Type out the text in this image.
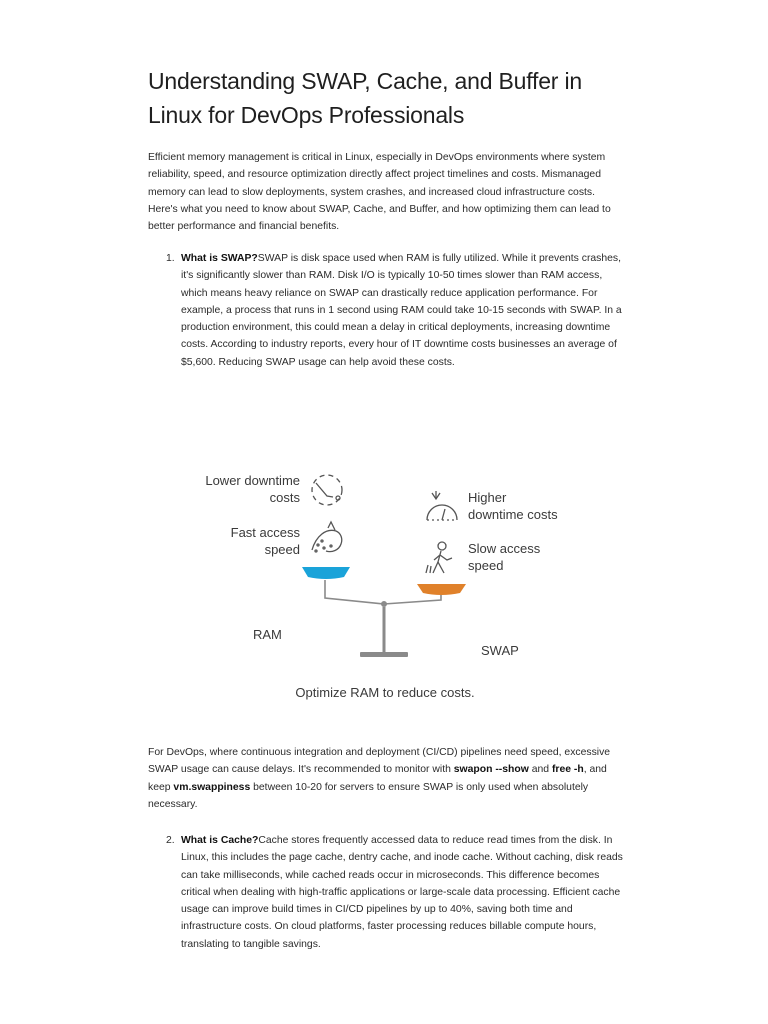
Understanding SWAP, Cache, and Buffer in Linux for DevOps Professionals

Efficient memory management is critical in Linux, especially in DevOps environments where system reliability, speed, and resource optimization directly affect project timelines and costs. Mismanaged memory can lead to slow deployments, system crashes, and increased cloud infrastructure costs. Here's what you need to know about SWAP, Cache, and Buffer, and how optimizing them can lead to better performance and financial benefits.

1. What is SWAP?SWAP is disk space used when RAM is fully utilized. While it prevents crashes, it's significantly slower than RAM. Disk I/O is typically 10-50 times slower than RAM access, which means heavy reliance on SWAP can drastically reduce application performance. For example, a process that runs in 1 second using RAM could take 10-15 seconds with SWAP. In a production environment, this could mean a delay in critical deployments, increasing downtime costs. According to industry reports, every hour of IT downtime costs businesses an average of $5,600. Reducing SWAP usage can help avoid these costs.

For DevOps, where continuous integration and deployment (CI/CD) pipelines need speed, excessive SWAP usage can cause delays. It's recommended to monitor with swapon --show and free -h, and keep vm.swappiness between 10-20 for servers to ensure SWAP is only used when absolutely necessary.

2. What is Cache?Cache stores frequently accessed data to reduce read times from the disk. In Linux, this includes the page cache, dentry cache, and inode cache. Without caching, disk reads can take milliseconds, while cached reads occur in microseconds. This difference becomes critical when dealing with high-traffic applications or large-scale data processing. Efficient cache usage can improve build times in CI/CD pipelines by up to 40%, saving both time and infrastructure costs. On cloud platforms, faster processing reduces billable compute hours, translating to tangible savings.

Lower downtime
costs
Fast access
speed
Higher
downtime costs
Slow access
speed
RAM
SWAP
Optimize RAM to reduce costs.
